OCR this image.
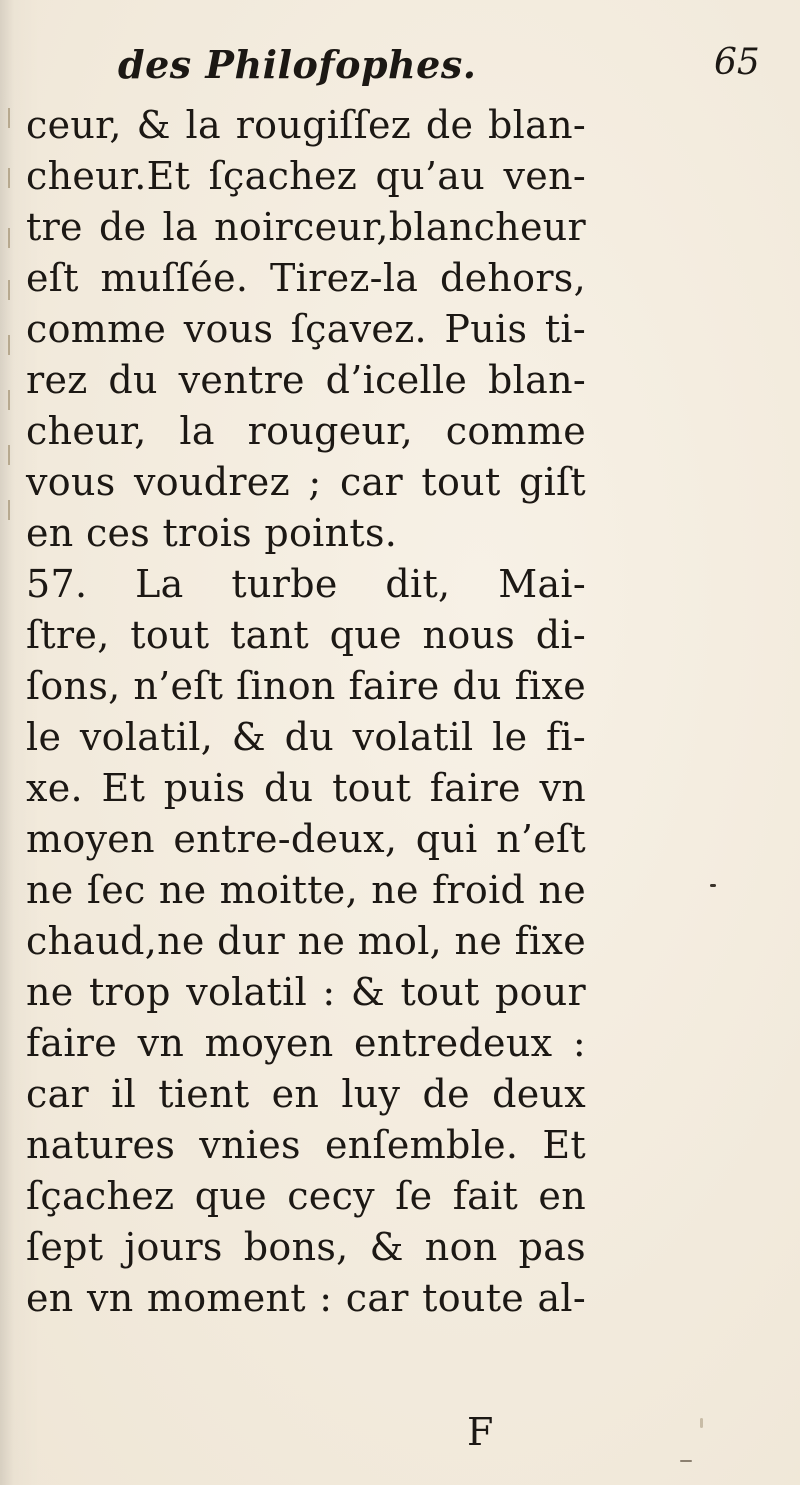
des Philofophes.	65
ceur, & la rougiſſez de blan-
cheur.Et ſçachez qu’au ven-
tre de la noirceur,blancheur
eſt muſſée. Tirez-la dehors,
comme vous ſçavez. Puis ti-
rez du ventre d’icelle blan-
cheur, la rougeur, comme
vous voudrez ; car tout giſt
en ces trois points.
57. La turbe dit, Mai-
ſtre, tout tant que nous di-
ſons, n’eſt ſinon faire du fixe
le volatil, & du volatil le fi-
xe. Et puis du tout faire vn
moyen entre-deux, qui n’eſt
ne ſec ne moitte, ne froid ne
chaud,ne dur ne mol, ne fixe
ne trop volatil : & tout pour
faire vn moyen entredeux :
car il tient en luy de deux
natures vnies enſemble. Et
ſçachez que cecy ſe fait en
ſept jours bons, & non pas
en vn moment : car toute al-
F
